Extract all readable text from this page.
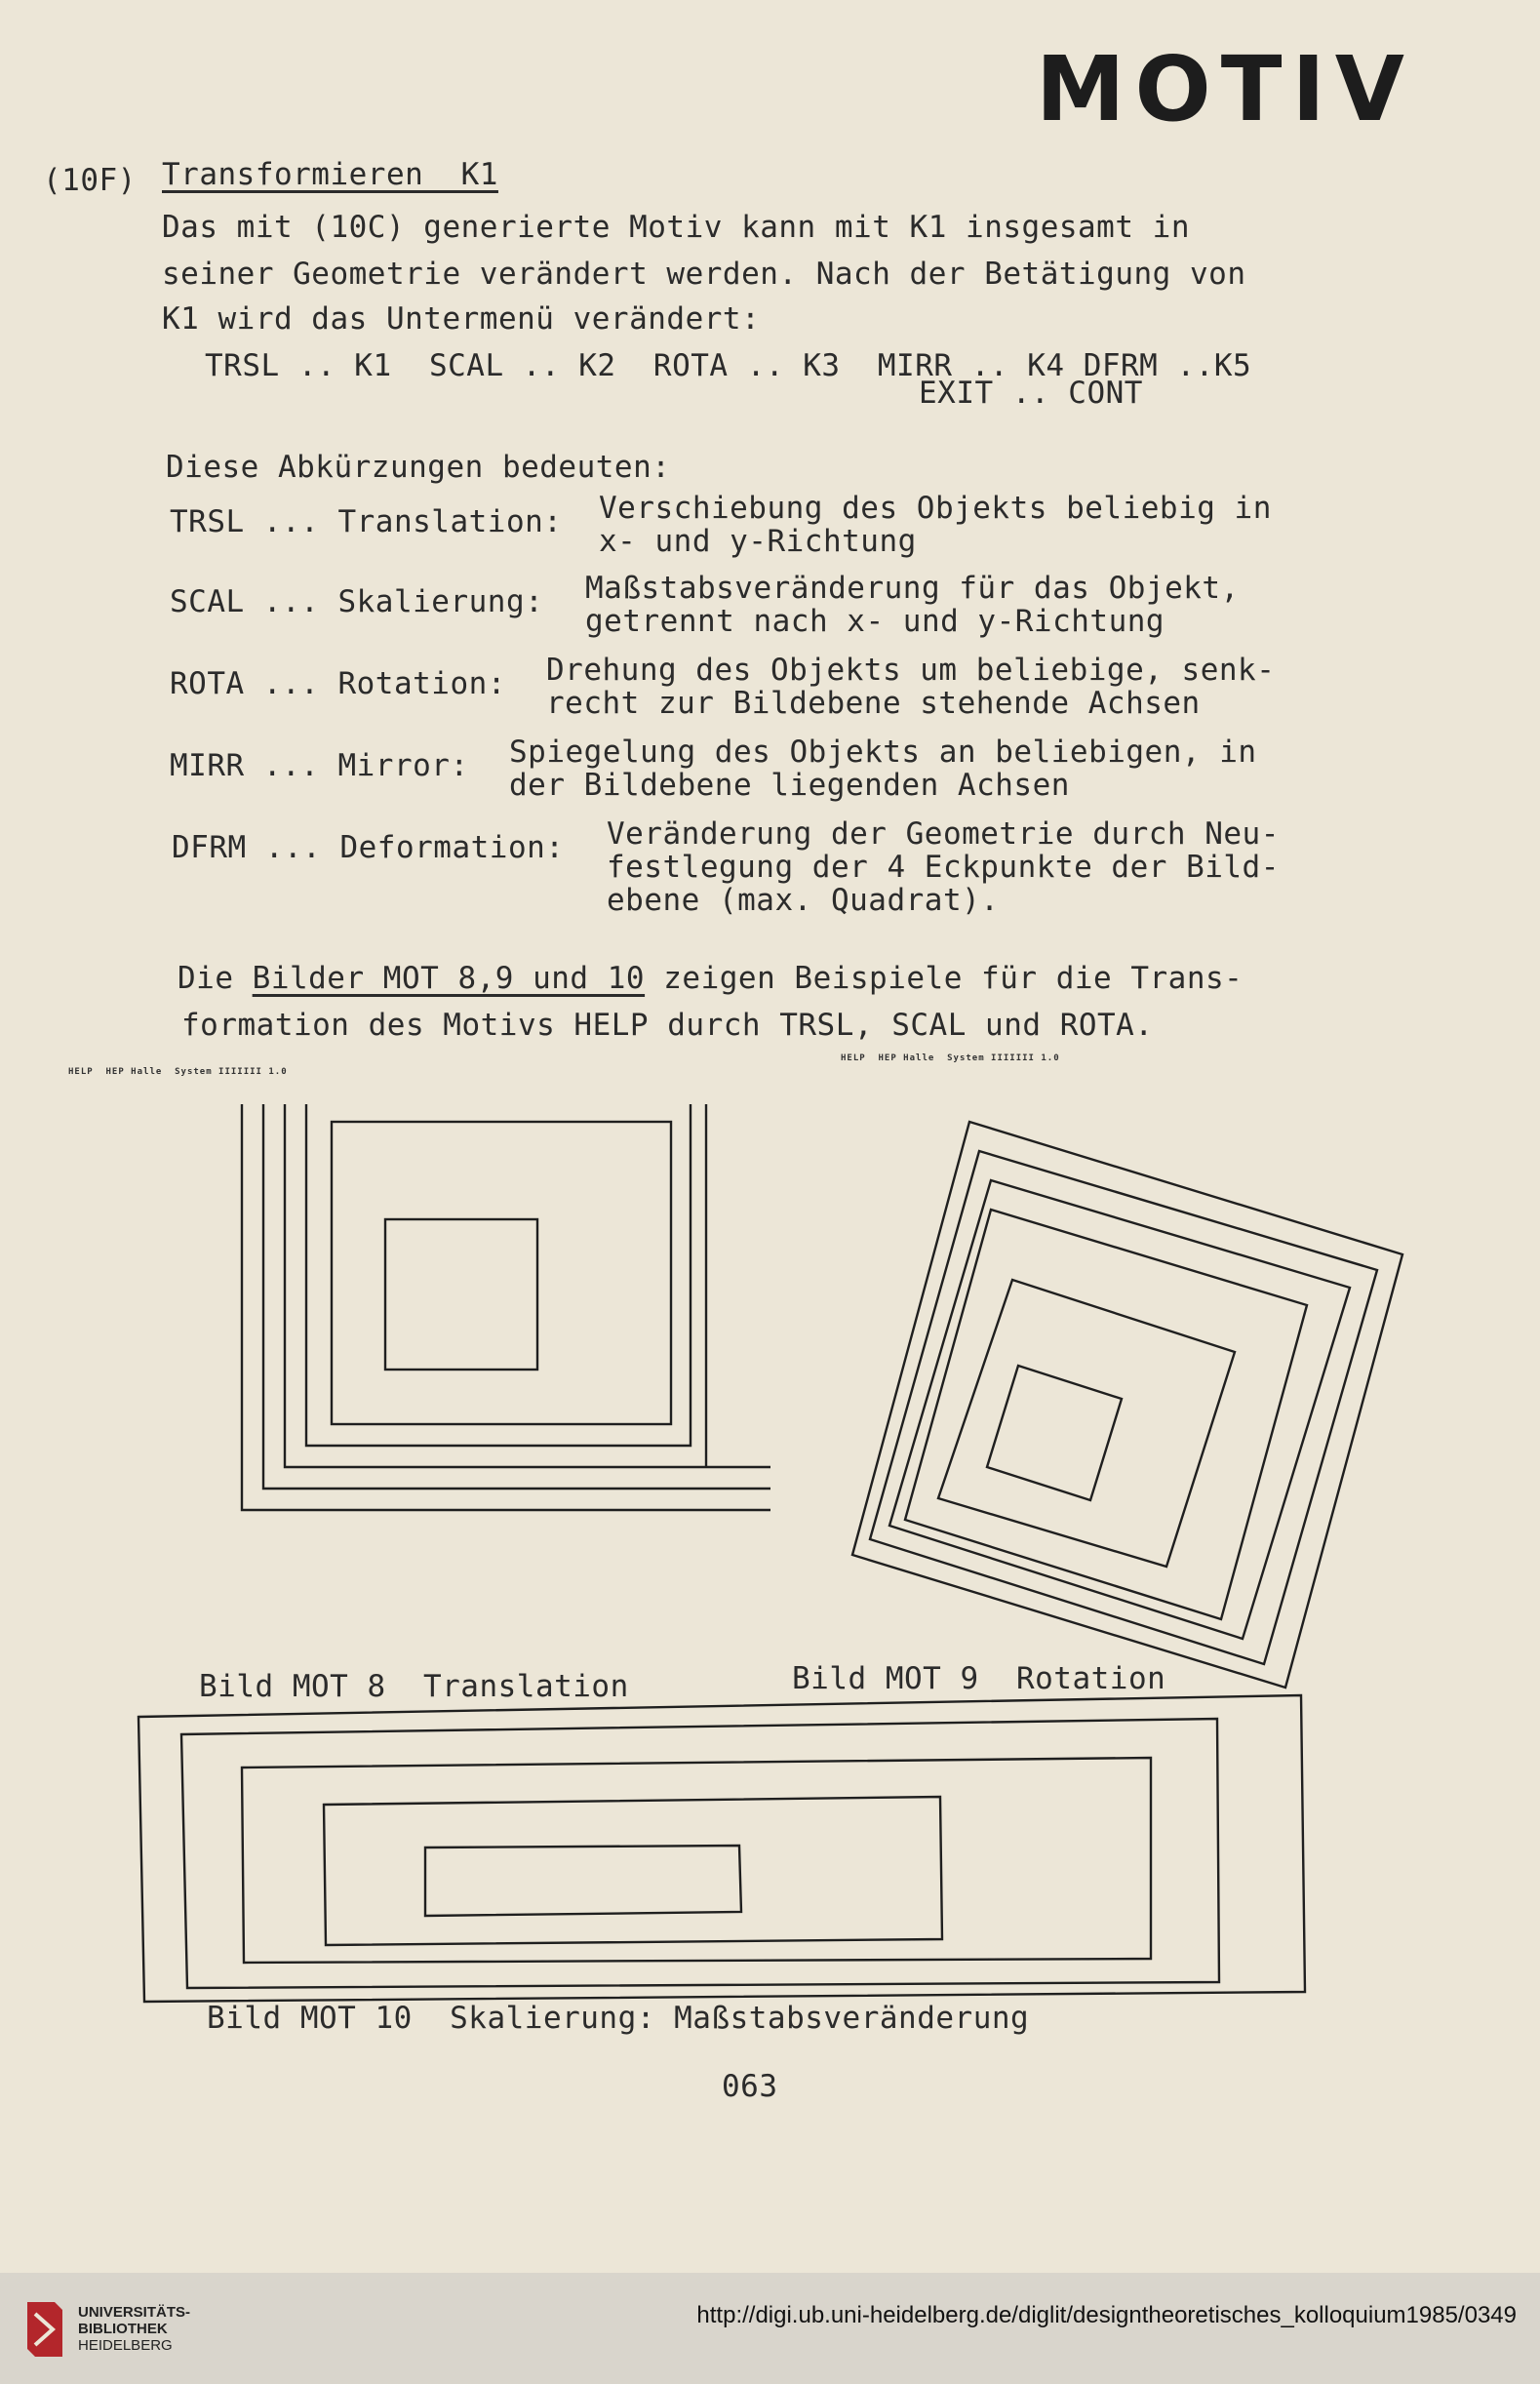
MOTIV
(10F) Transformieren  K1
Das mit (10C) generierte Motiv kann mit K1 insgesamt in
seiner Geometrie verändert werden. Nach der Betätigung von
K1 wird das Untermenü verändert:
TRSL .. K1  SCAL .. K2  ROTA .. K3  MIRR .. K4 DFRM ..K5
EXIT .. CONT
Diese Abkürzungen bedeuten:
TRSL ... Translation: Verschiebung des Objekts beliebig in
x- und y-Richtung
SCAL ... Skalierung: Maßstabsveränderung für das Objekt,
getrennt nach x- und y-Richtung
ROTA ... Rotation: Drehung des Objekts um beliebige, senk-
recht zur Bildebene stehende Achsen
MIRR ... Mirror: Spiegelung des Objekts an beliebigen, in
der Bildebene liegenden Achsen
DFRM ... Deformation: Veränderung der Geometrie durch Neu-
festlegung der 4 Eckpunkte der Bild-
ebene (max. Quadrat).
Die Bilder MOT 8,9 und 10 zeigen Beispiele für die Trans-
formation des Motivs HELP durch TRSL, SCAL und ROTA.
HELP  HEP Halle  System IIIIIII 1.0
HELP  HEP Halle  System IIIIIII 1.0
Bild MOT 8  Translation	Bild MOT 9  Rotation
Bild MOT 10  Skalierung: Maßstabsveränderung
063
UNIVERSITÄTS-
BIBLIOTHEK
HEIDELBERG
http://digi.ub.uni-heidelberg.de/diglit/designtheoretisches_kolloquium1985/0349
